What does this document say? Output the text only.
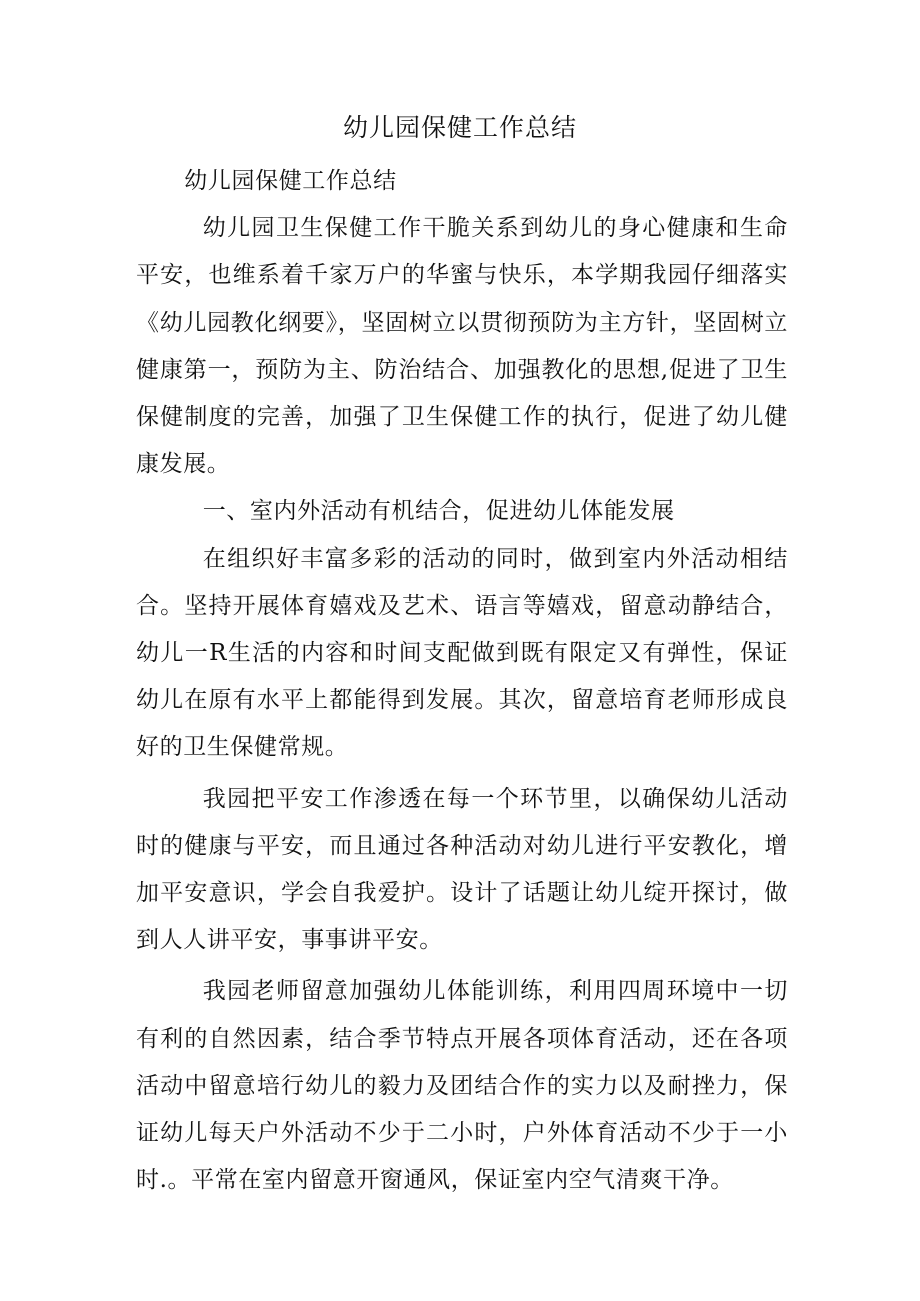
幼儿园保健工作总结

幼儿园保健工作总结

幼儿园卫生保健工作干脆关系到幼儿的身心健康和生命平安，也维系着千家万户的华蜜与快乐，本学期我园仔细落实《幼儿园教化纲要》，坚固树立以贯彻预防为主方针，坚固树立健康第一，预防为主、防治结合、加强教化的思想,促进了卫生保健制度的完善，加强了卫生保健工作的执行，促进了幼儿健康发展。

一、室内外活动有机结合，促进幼儿体能发展

在组织好丰富多彩的活动的同时，做到室内外活动相结合。坚持开展体育嬉戏及艺术、语言等嬉戏，留意动静结合，幼儿一R生活的内容和时间支配做到既有限定又有弹性，保证幼儿在原有水平上都能得到发展。其次，留意培育老师形成良好的卫生保健常规。

我园把平安工作渗透在每一个环节里，以确保幼儿活动时的健康与平安，而且通过各种活动对幼儿进行平安教化，增加平安意识，学会自我爱护。设计了话题让幼儿绽开探讨，做到人人讲平安，事事讲平安。

我园老师留意加强幼儿体能训练，利用四周环境中一切有利的自然因素，结合季节特点开展各项体育活动，还在各项活动中留意培行幼儿的毅力及团结合作的实力以及耐挫力，保证幼儿每天户外活动不少于二小时，户外体育活动不少于一小时.。平常在室内留意开窗通风，保证室内空气清爽干净。
